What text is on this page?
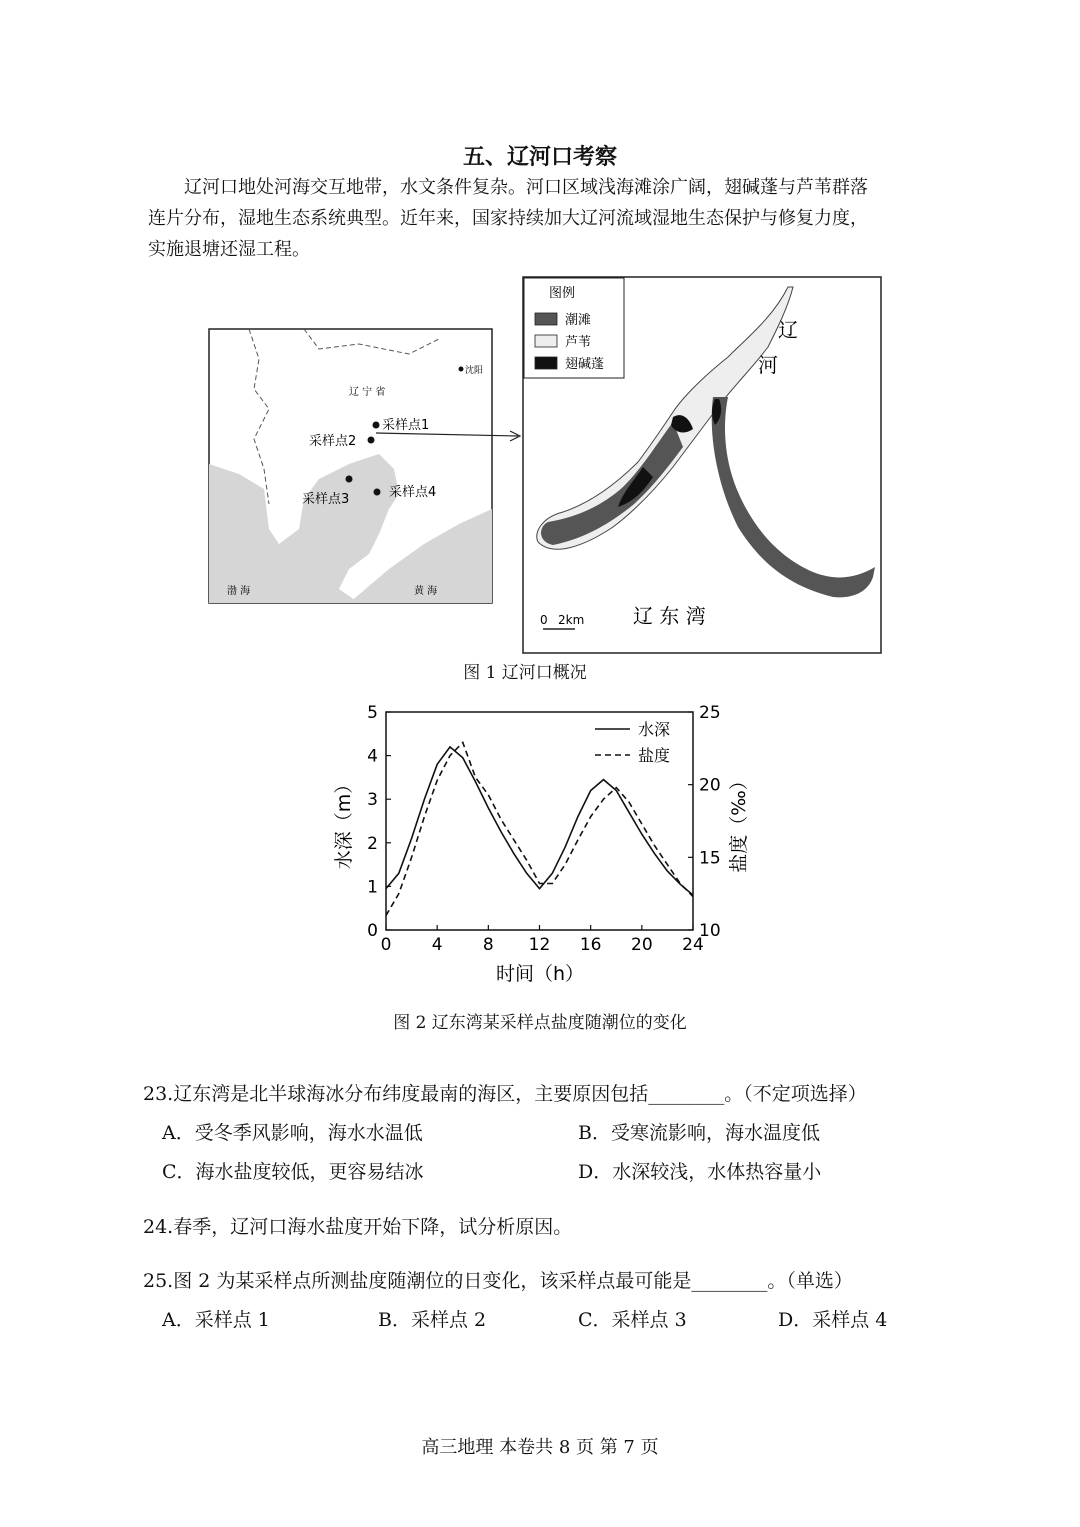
五、辽河口考察

辽河口地处河海交互地带，水文条件复杂。河口区域浅海滩涂广阔，翅碱蓬与芦苇群落

连片分布，湿地生态系统典型。近年来，国家持续加大辽河流域湿地生态保护与修复力度，

实施退塘还湿工程。

辽 宁 省
沈阳
采样点1
采样点2
采样点3	采样点4
渤 海	黄 海
图例
潮滩
芦苇
翅碱蓬
辽
河
辽 东 湾
0 2km
图 1 辽河口概况
0 4 8 12 16 20 24
0
1
2
3
4
5
10
15
20
25
水深
盐度
时间（h）
水深（m）	盐度（‰）
图 2 辽东湾某采样点盐度随潮位的变化
23.辽东湾是北半球海冰分布纬度最南的海区，主要原因包括________。（不定项选择）
A．受冬季风影响，海水水温低	B．受寒流影响，海水温度低
C．海水盐度较低，更容易结冰	D．水深较浅，水体热容量小
24.春季，辽河口海水盐度开始下降，试分析原因。
25.图 2 为某采样点所测盐度随潮位的日变化，该采样点最可能是________。（单选）
A．采样点 1	B．采样点 2	C．采样点 3	D．采样点 4
高三地理 本卷共 8 页 第 7 页
